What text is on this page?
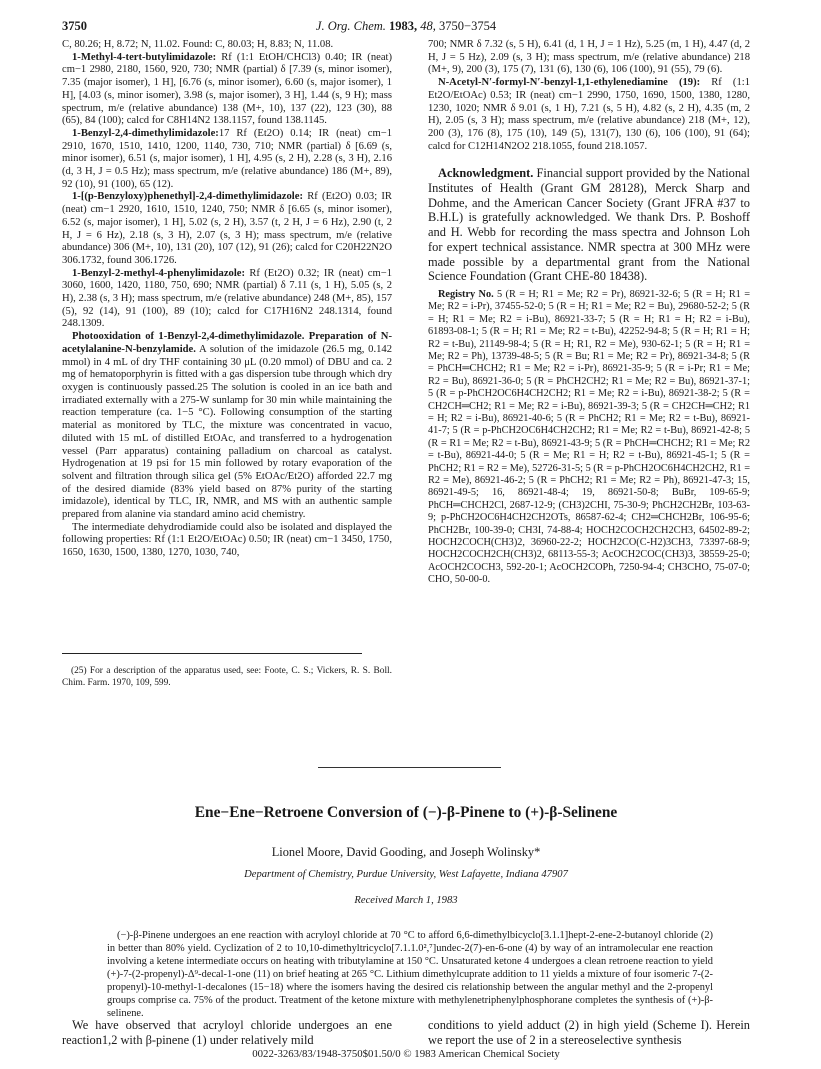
3750	J. Org. Chem. 1983, 48, 3750−3754

C, 80.26; H, 8.72; N, 11.02. Found: C, 80.03; H, 8.83; N, 11.08.

1-Methyl-4-tert-butylimidazole: Rf (1:1 EtOH/CHCl3) 0.40; IR (neat) cm−1 2980, 2180, 1560, 920, 730; NMR (partial) δ [7.39 (s, minor isomer), 7.35 (major isomer), 1 H], [6.76 (s, minor isomer), 6.60 (s, major isomer), 1 H], [4.03 (s, minor isomer), 3.98 (s, major isomer), 3 H], 1.44 (s, 9 H); mass spectrum, m/e (relative abundance) 138 (M+, 10), 137 (22), 123 (30), 88 (65), 84 (100); calcd for C8H14N2 138.1157, found 138.1145.

1-Benzyl-2,4-dimethylimidazole:17 Rf (Et2O) 0.14; IR (neat) cm−1 2910, 1670, 1510, 1410, 1200, 1140, 730, 710; NMR (partial) δ [6.69 (s, minor isomer), 6.51 (s, major isomer), 1 H], 4.95 (s, 2 H), 2.28 (s, 3 H), 2.16 (d, 3 H, J = 0.5 Hz); mass spectrum, m/e (relative abundance) 186 (M+, 89), 92 (10), 91 (100), 65 (12).

1-[(p-Benzyloxy)phenethyl]-2,4-dimethylimidazole: Rf (Et2O) 0.03; IR (neat) cm−1 2920, 1610, 1510, 1240, 750; NMR δ [6.65 (s, minor isomer), 6.52 (s, major isomer), 1 H], 5.02 (s, 2 H), 3.57 (t, 2 H, J = 6 Hz), 2.90 (t, 2 H, J = 6 Hz), 2.18 (s, 3 H), 2.07 (s, 3 H); mass spectrum, m/e (relative abundance) 306 (M+, 10), 131 (20), 107 (12), 91 (26); calcd for C20H22N2O 306.1732, found 306.1726.

1-Benzyl-2-methyl-4-phenylimidazole: Rf (Et2O) 0.32; IR (neat) cm−1 3060, 1600, 1420, 1180, 750, 690; NMR (partial) δ 7.11 (s, 1 H), 5.05 (s, 2 H), 2.38 (s, 3 H); mass spectrum, m/e (relative abundance) 248 (M+, 85), 157 (5), 92 (14), 91 (100), 89 (10); calcd for C17H16N2 248.1314, found 248.1309.

Photooxidation of 1-Benzyl-2,4-dimethylimidazole. Preparation of N-acetylalanine-N-benzylamide. A solution of the imidazole (26.5 mg, 0.142 mmol) in 4 mL of dry THF containing 30 μL (0.20 mmol) of DBU and ca. 2 mg of hematoporphyrin is fitted with a gas dispersion tube through which dry oxygen is continuously passed.25 The solution is cooled in an ice bath and irradiated externally with a 275-W sunlamp for 30 min while maintaining the reaction temperature (ca. 1−5 °C). Following consumption of the starting material as monitored by TLC, the mixture was concentrated in vacuo, diluted with 15 mL of distilled EtOAc, and transferred to a hydrogenation vessel (Parr apparatus) containing palladium on charcoal as catalyst. Hydrogenation at 19 psi for 15 min followed by rotary evaporation of the solvent and filtration through silica gel (5% EtOAc/Et2O) afforded 22.7 mg of the desired diamide (83% yield based on 87% purity of the starting imidazole), identical by TLC, IR, NMR, and MS with an authentic sample prepared from alanine via standard amino acid chemistry.

The intermediate dehydrodiamide could also be isolated and displayed the following properties: Rf (1:1 Et2O/EtOAc) 0.50; IR (neat) cm−1 3450, 1750, 1650, 1630, 1500, 1380, 1270, 1030, 740,

(25) For a description of the apparatus used, see: Foote, C. S.; Vickers, R. S. Boll. Chim. Farm. 1970, 109, 599.

700; NMR δ 7.32 (s, 5 H), 6.41 (d, 1 H, J = 1 Hz), 5.25 (m, 1 H), 4.47 (d, 2 H, J = 5 Hz), 2.09 (s, 3 H); mass spectrum, m/e (relative abundance) 218 (M+, 9), 200 (3), 175 (7), 131 (6), 130 (6), 106 (100), 91 (55), 79 (6).

N-Acetyl-N′-formyl-N′-benzyl-1,1-ethylenediamine (19): Rf (1:1 Et2O/EtOAc) 0.53; IR (neat) cm−1 2990, 1750, 1690, 1500, 1380, 1280, 1230, 1020; NMR δ 9.01 (s, 1 H), 7.21 (s, 5 H), 4.82 (s, 2 H), 4.35 (m, 2 H), 2.05 (s, 3 H); mass spectrum, m/e (relative abundance) 218 (M+, 12), 200 (3), 176 (8), 175 (10), 149 (5), 131(7), 130 (6), 106 (100), 91 (64); calcd for C12H14N2O2 218.1055, found 218.1057.

Acknowledgment. Financial support provided by the National Institutes of Health (Grant GM 28128), Merck Sharp and Dohme, and the American Cancer Society (Grant JFRA #37 to B.H.L) is gratefully acknowledged. We thank Drs. P. Boshoff and H. Webb for recording the mass spectra and Johnson Loh for expert technical assistance. NMR spectra at 300 MHz were made possible by a departmental grant from the National Science Foundation (Grant CHE-80 18438).

Registry No. 5 (R = H; R1 = Me; R2 = Pr), 86921-32-6; 5 (R = H; R1 = Me; R2 = i-Pr), 37455-52-0; 5 (R = H; R1 = Me; R2 = Bu), 29680-52-2; 5 (R = H; R1 = Me; R2 = i-Bu), 86921-33-7; 5 (R = H; R1 = H; R2 = i-Bu), 61893-08-1; 5 (R = H; R1 = Me; R2 = t-Bu), 42252-94-8; 5 (R = H; R1 = H; R2 = t-Bu), 21149-98-4; 5 (R = H; R1, R2 = Me), 930-62-1; 5 (R = H; R1 = Me; R2 = Ph), 13739-48-5; 5 (R = Bu; R1 = Me; R2 = Pr), 86921-34-8; 5 (R = PhCH═CHCH2; R1 = Me; R2 = i-Pr), 86921-35-9; 5 (R = i-Pr; R1 = Me; R2 = Bu), 86921-36-0; 5 (R = PhCH2CH2; R1 = Me; R2 = Bu), 86921-37-1; 5 (R = p-PhCH2OC6H4CH2CH2; R1 = Me; R2 = i-Bu), 86921-38-2; 5 (R = CH2CH═CH2; R1 = Me; R2 = i-Bu), 86921-39-3; 5 (R = CH2CH═CH2; R1 = H; R2 = i-Bu), 86921-40-6; 5 (R = PhCH2; R1 = Me; R2 = t-Bu), 86921-41-7; 5 (R = p-PhCH2OC6H4CH2CH2; R1 = Me; R2 = t-Bu), 86921-42-8; 5 (R = R1 = Me; R2 = t-Bu), 86921-43-9; 5 (R = PhCH═CHCH2; R1 = Me; R2 = t-Bu), 86921-44-0; 5 (R = Me; R1 = H; R2 = t-Bu), 86921-45-1; 5 (R = PhCH2; R1 = R2 = Me), 52726-31-5; 5 (R = p-PhCH2OC6H4CH2CH2, R1 = R2 = Me), 86921-46-2; 5 (R = PhCH2; R1 = Me; R2 = Ph), 86921-47-3; 15, 86921-49-5; 16, 86921-48-4; 19, 86921-50-8; BuBr, 109-65-9; PhCH═CHCH2Cl, 2687-12-9; (CH3)2CHI, 75-30-9; PhCH2CH2Br, 103-63-9; p-PhCH2OC6H4CH2CH2OTs, 86587-62-4; CH2═CHCH2Br, 106-95-6; PhCH2Br, 100-39-0; CH3I, 74-88-4; HOCH2COCH2CH2CH3, 64502-89-2; HOCH2COCH(CH3)2, 36960-22-2; HOCH2CO(C-H2)3CH3, 73397-68-9; HOCH2COCH2CH(CH3)2, 68113-55-3; AcOCH2COC(CH3)3, 38559-25-0; AcOCH2COCH3, 592-20-1; AcOCH2COPh, 7250-94-4; CH3CHO, 75-07-0; CHO, 50-00-0.

Ene−Ene−Retroene Conversion of (−)-β-Pinene to (+)-β-Selinene
Lionel Moore, David Gooding, and Joseph Wolinsky*
Department of Chemistry, Purdue University, West Lafayette, Indiana 47907
Received March 1, 1983

(−)-β-Pinene undergoes an ene reaction with acryloyl chloride at 70 °C to afford 6,6-dimethylbicyclo[3.1.1]hept-2-ene-2-butanoyl chloride (2) in better than 80% yield. Cyclization of 2 to 10,10-dimethyltricyclo[7.1.1.0²,⁷]undec-2(7)-en-6-one (4) by way of an intramolecular ene reaction involving a ketene intermediate occurs on heating with tributylamine at 150 °C. Unsaturated ketone 4 undergoes a clean retroene reaction to yield (+)-7-(2-propenyl)-Δ⁹-decal-1-one (11) on brief heating at 265 °C. Lithium dimethylcuprate addition to 11 yields a mixture of four isomeric 7-(2-propenyl)-10-methyl-1-decalones (15−18) where the isomers having the desired cis relationship between the angular methyl and the 2-propenyl groups comprise ca. 75% of the product. Treatment of the ketone mixture with methylenetriphenylphosphorane completes the synthesis of (+)-β-selinene.

We have observed that acryloyl chloride undergoes an ene reaction1,2 with β-pinene (1) under relatively mild

conditions to yield adduct (2) in high yield (Scheme I). Herein we report the use of 2 in a stereoselective synthesis

0022-3263/83/1948-3750$01.50/0 © 1983 American Chemical Society
